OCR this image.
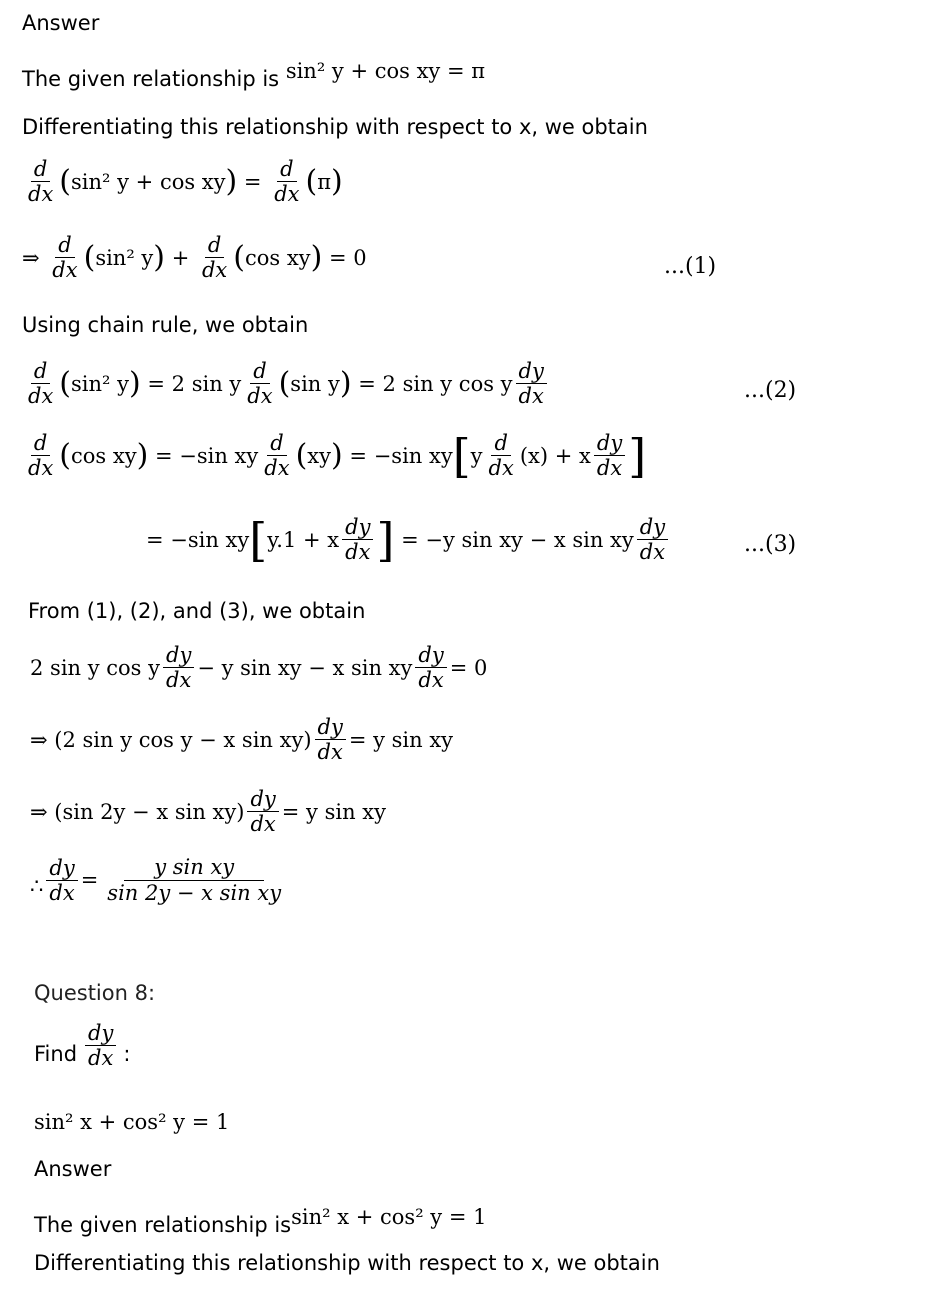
Answer
The given relationship is sin² y + cos xy = π
Differentiating this relationship with respect to x, we obtain
$\frac{d}{dx}$ ( sin² y + cos xy ) = $\frac{d}{dx}$ ( π )
⇒
$\frac{d}{dx}$ ( sin² y ) + $\frac{d}{dx}$ ( cos xy )
= 0	...(1)
Using chain rule, we obtain
$\frac{d}{dx}$ ( sin² y )
= 2 sin y $\frac{d}{dx}$ ( sin y )
= 2 sin y cos y $\frac{dy}{dx}$	...(2)
$\frac{d}{dx}$ ( cos xy )
= −sin xy $\frac{d}{dx}$ ( xy )
= −sin xy [ y $\frac{d}{dx}$ ( x )
+ x $\frac{dy}{dx}$ ]
= −sin xy [ y.1 + x $\frac{dy}{dx}$ ]
= −y sin xy − x sin xy $\frac{dy}{dx}$	...(3)
From (1), (2), and (3), we obtain
2 sin y cos y $\frac{dy}{dx} - y$ sin xy − x sin xy $\frac{dy}{dx} = 0$
⇒ (2 sin y cos y − x $\sin xy) \frac{dy}{dx} = y$ sin xy
⇒ (sin 2y − x $\sin xy) \frac{dy}{dx} = y$ sin xy
∴ $\frac{dy}{dx} = \frac{\text{y sin xy}}{\text{sin 2y − x sin xy}}$
Question 8:
Find $\frac{dy}{dx}$ :
sin² x + cos² y = 1
Answer
The given relationship issin² x + cos² y = 1
Differentiating this relationship with respect to x, we obtain
